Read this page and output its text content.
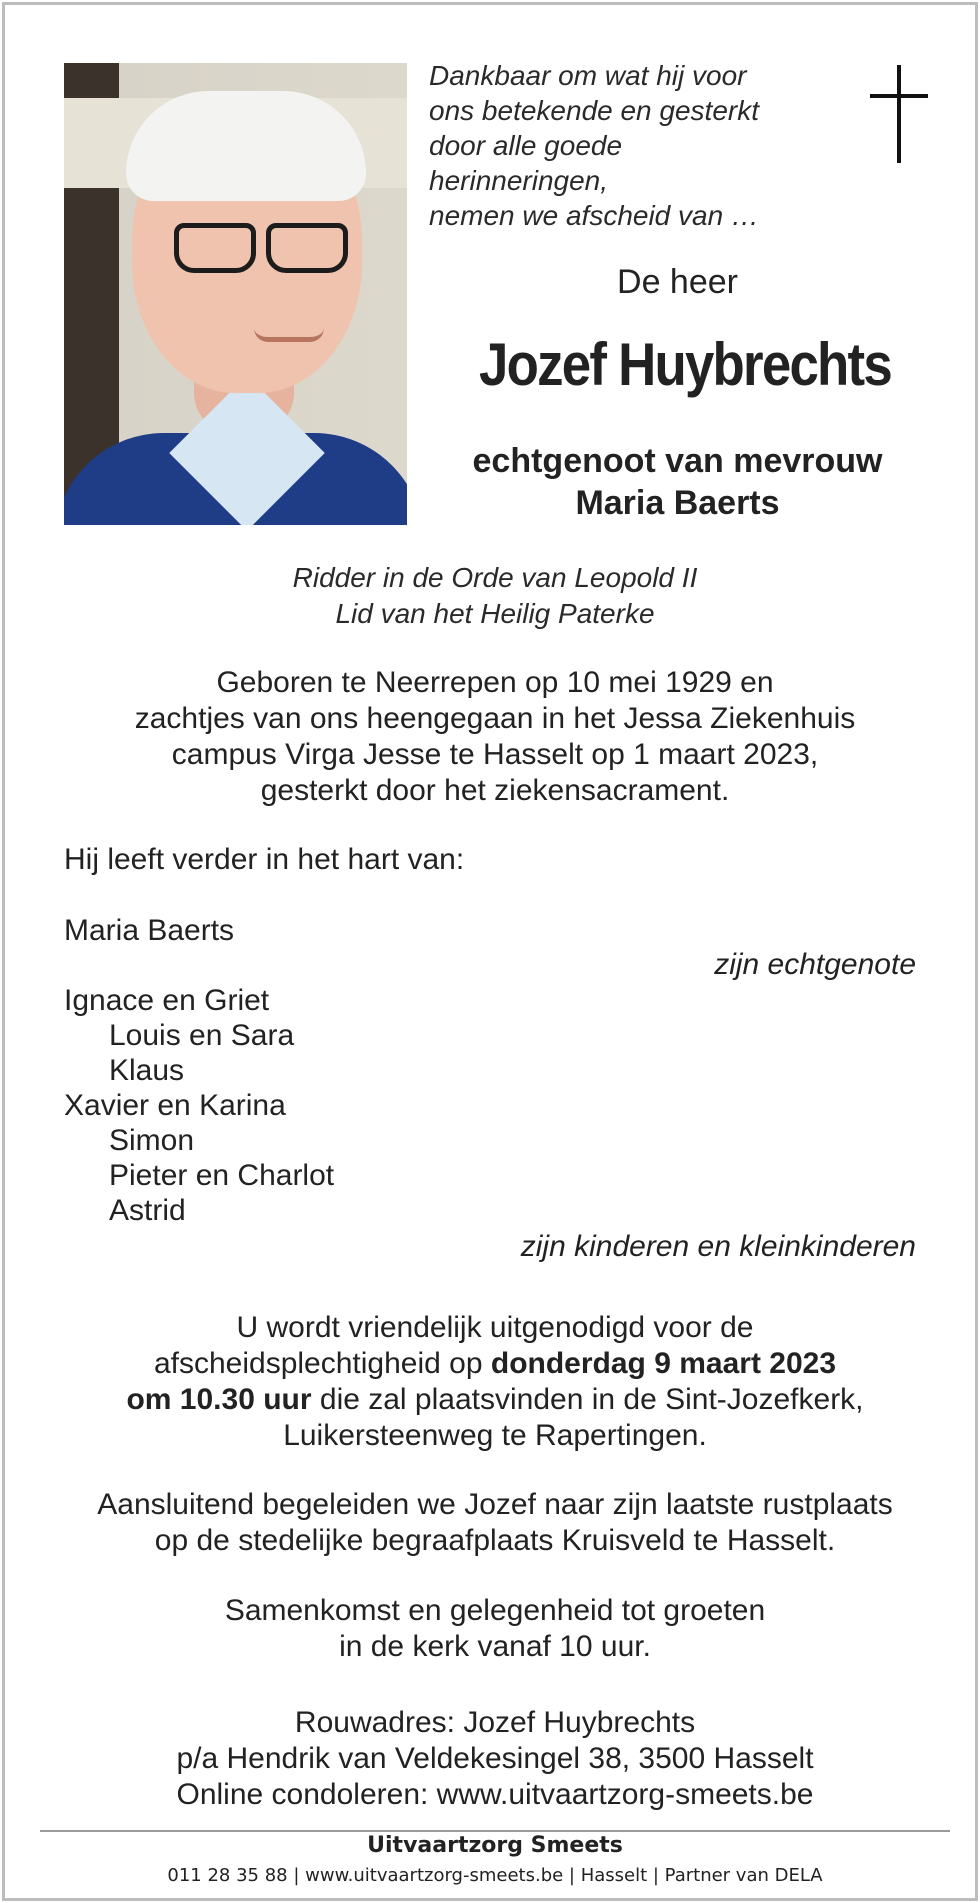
Dankbaar om wat hij voor
ons betekende en gesterkt
door alle goede
herinneringen,
nemen we afscheid van …
De heer
Jozef Huybrechts
echtgenoot van mevrouw
Maria Baerts
Ridder in de Orde van Leopold II
Lid van het Heilig Paterke
Geboren te Neerrepen op 10 mei 1929 en
zachtjes van ons heengegaan in het Jessa Ziekenhuis
campus Virga Jesse te Hasselt op 1 maart 2023,
gesterkt door het ziekensacrament.
Hij leeft verder in het hart van:
Maria Baerts
zijn echtgenote
Ignace en Griet
Louis en Sara
Klaus
Xavier en Karina
Simon
Pieter en Charlot
Astrid
zijn kinderen en kleinkinderen
U wordt vriendelijk uitgenodigd voor de
afscheidsplechtigheid op donderdag 9 maart 2023
om 10.30 uur die zal plaatsvinden in de Sint-Jozefkerk,
Luikersteenweg te Rapertingen.
Aansluitend begeleiden we Jozef naar zijn laatste rustplaats
op de stedelijke begraafplaats Kruisveld te Hasselt.
Samenkomst en gelegenheid tot groeten
in de kerk vanaf 10 uur.
Rouwadres: Jozef Huybrechts
p/a Hendrik van Veldekesingel 38, 3500 Hasselt
Online condoleren: www.uitvaartzorg-smeets.be
Uitvaartzorg Smeets
011 28 35 88 | www.uitvaartzorg-smeets.be | Hasselt | Partner van DELA
